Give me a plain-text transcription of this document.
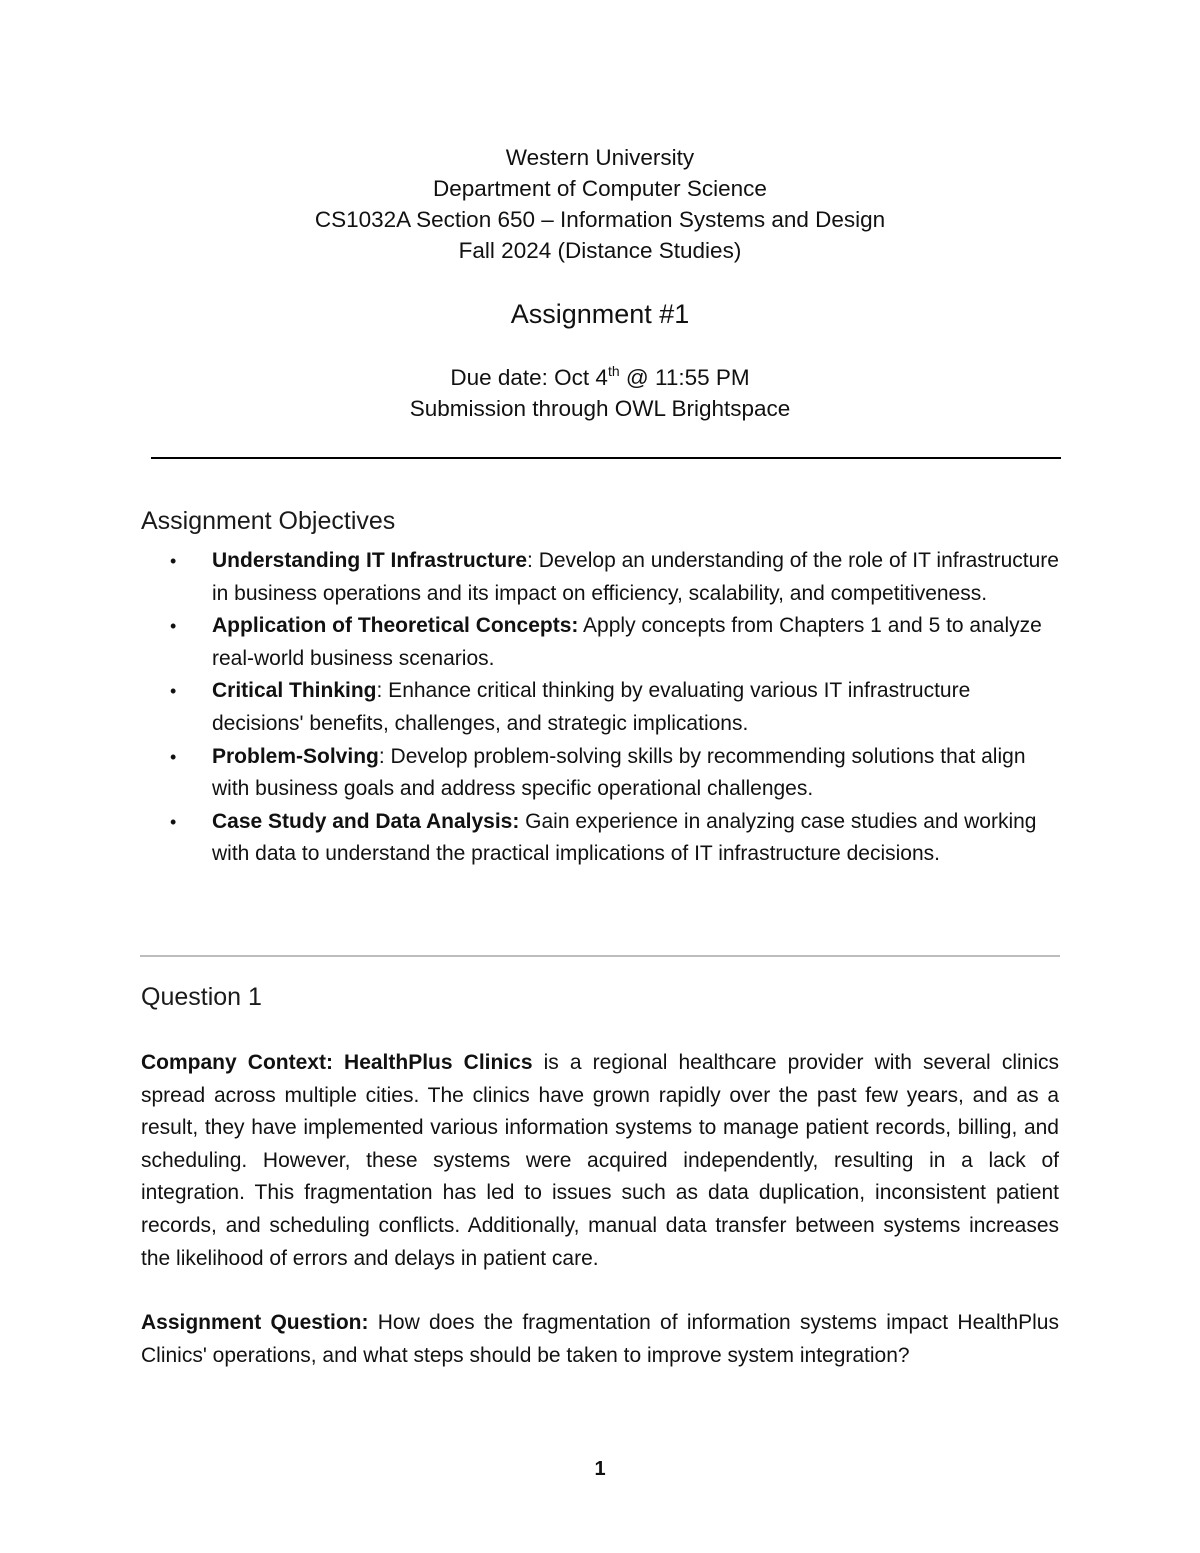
Western University
Department of Computer Science
CS1032A Section 650 – Information Systems and Design
Fall 2024 (Distance Studies)
Assignment #1
Due date: Oct 4th @ 11:55 PM
Submission through OWL Brightspace
Assignment Objectives
• Understanding IT Infrastructure: Develop an understanding of the role of IT infrastructure in business operations and its impact on efficiency, scalability, and competitiveness.
• Application of Theoretical Concepts: Apply concepts from Chapters 1 and 5 to analyze real-world business scenarios.
• Critical Thinking: Enhance critical thinking by evaluating various IT infrastructure decisions' benefits, challenges, and strategic implications.
• Problem-Solving: Develop problem-solving skills by recommending solutions that align with business goals and address specific operational challenges.
• Case Study and Data Analysis: Gain experience in analyzing case studies and working with data to understand the practical implications of IT infrastructure decisions.
Question 1
Company Context: HealthPlus Clinics is a regional healthcare provider with several clinics spread across multiple cities. The clinics have grown rapidly over the past few years, and as a result, they have implemented various information systems to manage patient records, billing, and scheduling. However, these systems were acquired independently, resulting in a lack of integration. This fragmentation has led to issues such as data duplication, inconsistent patient records, and scheduling conflicts. Additionally, manual data transfer between systems increases the likelihood of errors and delays in patient care.
Assignment Question: How does the fragmentation of information systems impact HealthPlus Clinics' operations, and what steps should be taken to improve system integration?
1
